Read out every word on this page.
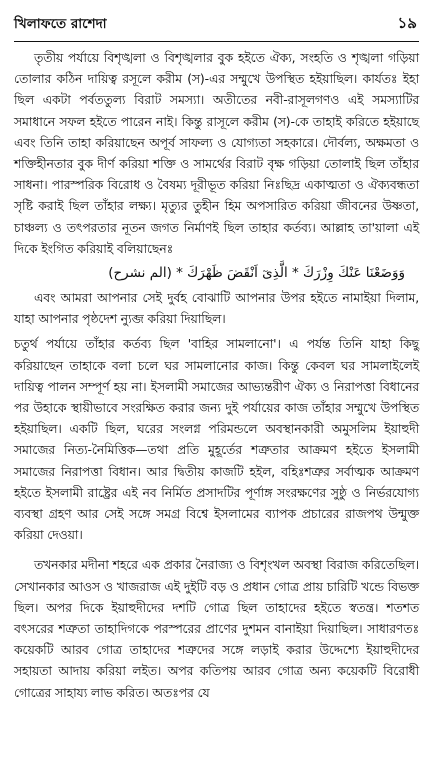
খিলাফতে রাশেদা	১৯

তৃতীয় পর্যায়ে বিশৃঙ্খলা ও বিশৃঙ্খলার বুক হইতে ঐক্য, সংহতি ও শৃঙ্খলা গড়িয়া তোলার কঠিন দায়িত্ব রসূলে করীম (স)-এর সম্মুখে উপস্থিত হইয়াছিল। কার্যতঃ ইহা ছিল একটা পর্বততুল্য বিরাট সমস্যা। অতীতের নবী-রাসূলগণও এই সমস্যাটির সমাধানে সফল হইতে পারেন নাই। কিন্তু রাসূলে করীম (স)-কে তাহাই করিতে হইয়াছে এবং তিনি তাহা করিয়াছেন অপূর্ব সাফল্য ও যোগ্যতা সহকারে। দৌর্বল্য, অক্ষমতা ও শক্তিহীনতার বুক দীর্ণ করিয়া শক্তি ও সামর্থের বিরাট বৃক্ষ গড়িয়া তোলাই ছিল তাঁহার সাধনা। পারস্পরিক বিরোধ ও বৈষম্য দূরীভূত করিয়া নিঃছিদ্র একাত্মতা ও ঐক্যবন্ধতা সৃষ্টি করাই ছিল তাঁহার লক্ষ্য। মৃত্যুর তুহীন হিম অপসারিত করিয়া জীবনের উষ্ণতা, চাঞ্চল্য ও তৎপরতার নূতন জগত নির্মাণই ছিল তাহার কর্তব্য। আল্লাহ তা'য়ালা এই দিকে ইংগিত করিয়াই বলিয়াছেনঃ

وَوَضَعْنَا عَنْكَ وِزْرَكَ * الَّذِىٓ اَنْقَضَ ظَهْرَكَ * (الم نشرح)

এবং আমরা আপনার সেই দুর্বহ বোঝাটি আপনার উপর হইতে নামাইয়া দিলাম, যাহা আপনার পৃষ্ঠদেশ ন্যুব্জ করিয়া দিয়াছিল।

চতুর্থ পর্যায়ে তাঁহার কর্তব্য ছিল 'বাহির সামলানো'। এ পর্যন্ত তিনি যাহা কিছু করিয়াছেন তাহাকে বলা চলে ঘর সামলানোর কাজ। কিন্তু কেবল ঘর সামলাইলেই দায়িত্ব পালন সম্পূর্ণ হয় না। ইসলামী সমাজের আভ্যন্তরীণ ঐক্য ও নিরাপত্তা বিধানের পর উহাকে স্থায়ীভাবে সংরক্ষিত করার জন্য দুই পর্যায়ের কাজ তাঁহার সম্মুখে উপস্থিত হইয়াছিল। একটি ছিল, ঘরের সংলগ্ন পরিমন্ডলে অবস্থানকারী অমুসলিম ইয়াহুদী সমাজের নিত্য-নৈমিত্তিক—তথা প্রতি মুহূর্তের শত্রুতার আক্রমণ হইতে ইসলামী সমাজের নিরাপত্তা বিধান। আর দ্বিতীয় কাজটি হইল, বহিঃশত্রুর সর্বাত্মক আক্রমণ হইতে ইসলামী রাষ্ট্রের এই নব নির্মিত প্রসাদটির পূর্ণাঙ্গ সংরক্ষণের সুষ্ঠু ও নির্ভরযোগ্য ব্যবস্থা গ্রহণ আর সেই সঙ্গে সমগ্র বিশ্বে ইসলামের ব্যাপক প্রচারের রাজপথ উন্মুক্ত করিয়া দেওয়া।

তখনকার মদীনা শহরে এক প্রকার নৈরাজ্য ও বিশৃংখল অবস্থা বিরাজ করিতেছিল। সেখানকার আওস ও খাজরাজ এই দুইটি বড় ও প্রধান গোত্র প্রায় চারিটি খন্ডে বিভক্ত ছিল। অপর দিকে ইয়াহুদীদের দশটি গোত্র ছিল তাহাদের হইতে স্বতন্ত্র। শতশত বৎসরের শত্রুতা তাহাদিগকে পরস্পরের প্রাণের দুশমন বানাইয়া দিয়াছিল। সাধারণতঃ কয়েকটি আরব গোত্র তাহাদের শত্রুদের সঙ্গে লড়াই করার উদ্দেশ্যে ইয়াহুদীদের সহায়তা আদায় করিয়া লইত। অপর কতিপয় আরব গোত্র অন্য কয়েকটি বিরোধী গোত্রের সাহায্য লাভ করিত। অতঃপর যে
